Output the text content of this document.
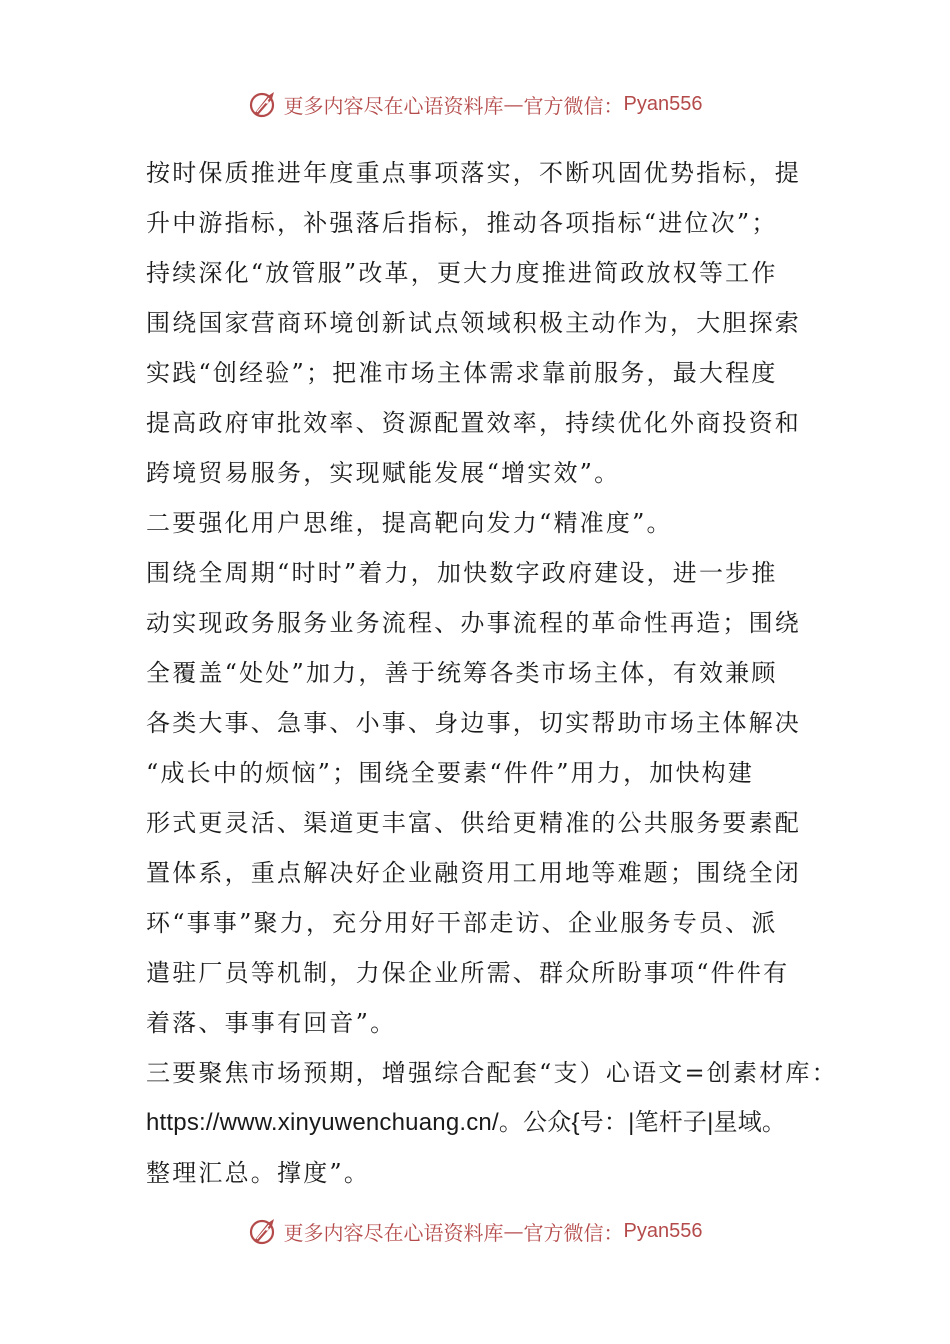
更多内容尽在心语资料库 — 官方微信： Pyan556
按时保质推进年度重点事项落实，不断巩固优势指标，提
升中游指标，补强落后指标，推动各项指标“进位次”；
持续深化“放管服”改革，更大力度推进简政放权等工作
围绕国家营商环境创新试点领域积极主动作为，大胆探索
实践“创经验”；把准市场主体需求靠前服务，最大程度
提高政府审批效率、资源配置效率，持续优化外商投资和
跨境贸易服务，实现赋能发展“增实效”。
二要强化用户思维，提高靶向发力“精准度”。
围绕全周期“时时”着力，加快数字政府建设，进一步推
动实现政务服务业务流程、办事流程的革命性再造；围绕
全覆盖“处处”加力，善于统筹各类市场主体，有效兼顾
各类大事、急事、小事、身边事，切实帮助市场主体解决
“成长中的烦恼”；围绕全要素“件件”用力，加快构建
形式更灵活、渠道更丰富、供给更精准的公共服务要素配
置体系，重点解决好企业融资用工用地等难题；围绕全闭
环“事事”聚力，充分用好干部走访、企业服务专员、派
遣驻厂员等机制，力保企业所需、群众所盼事项“件件有
着落、事事有回音”。
三要聚焦市场预期，增强综合配套“支）心语文=创素材库：
https://www.xinyuwenchuang.cn/。公众{号：|笔杆子|星域。
整理汇总。撑度”。
更多内容尽在心语资料库 — 官方微信： Pyan556
